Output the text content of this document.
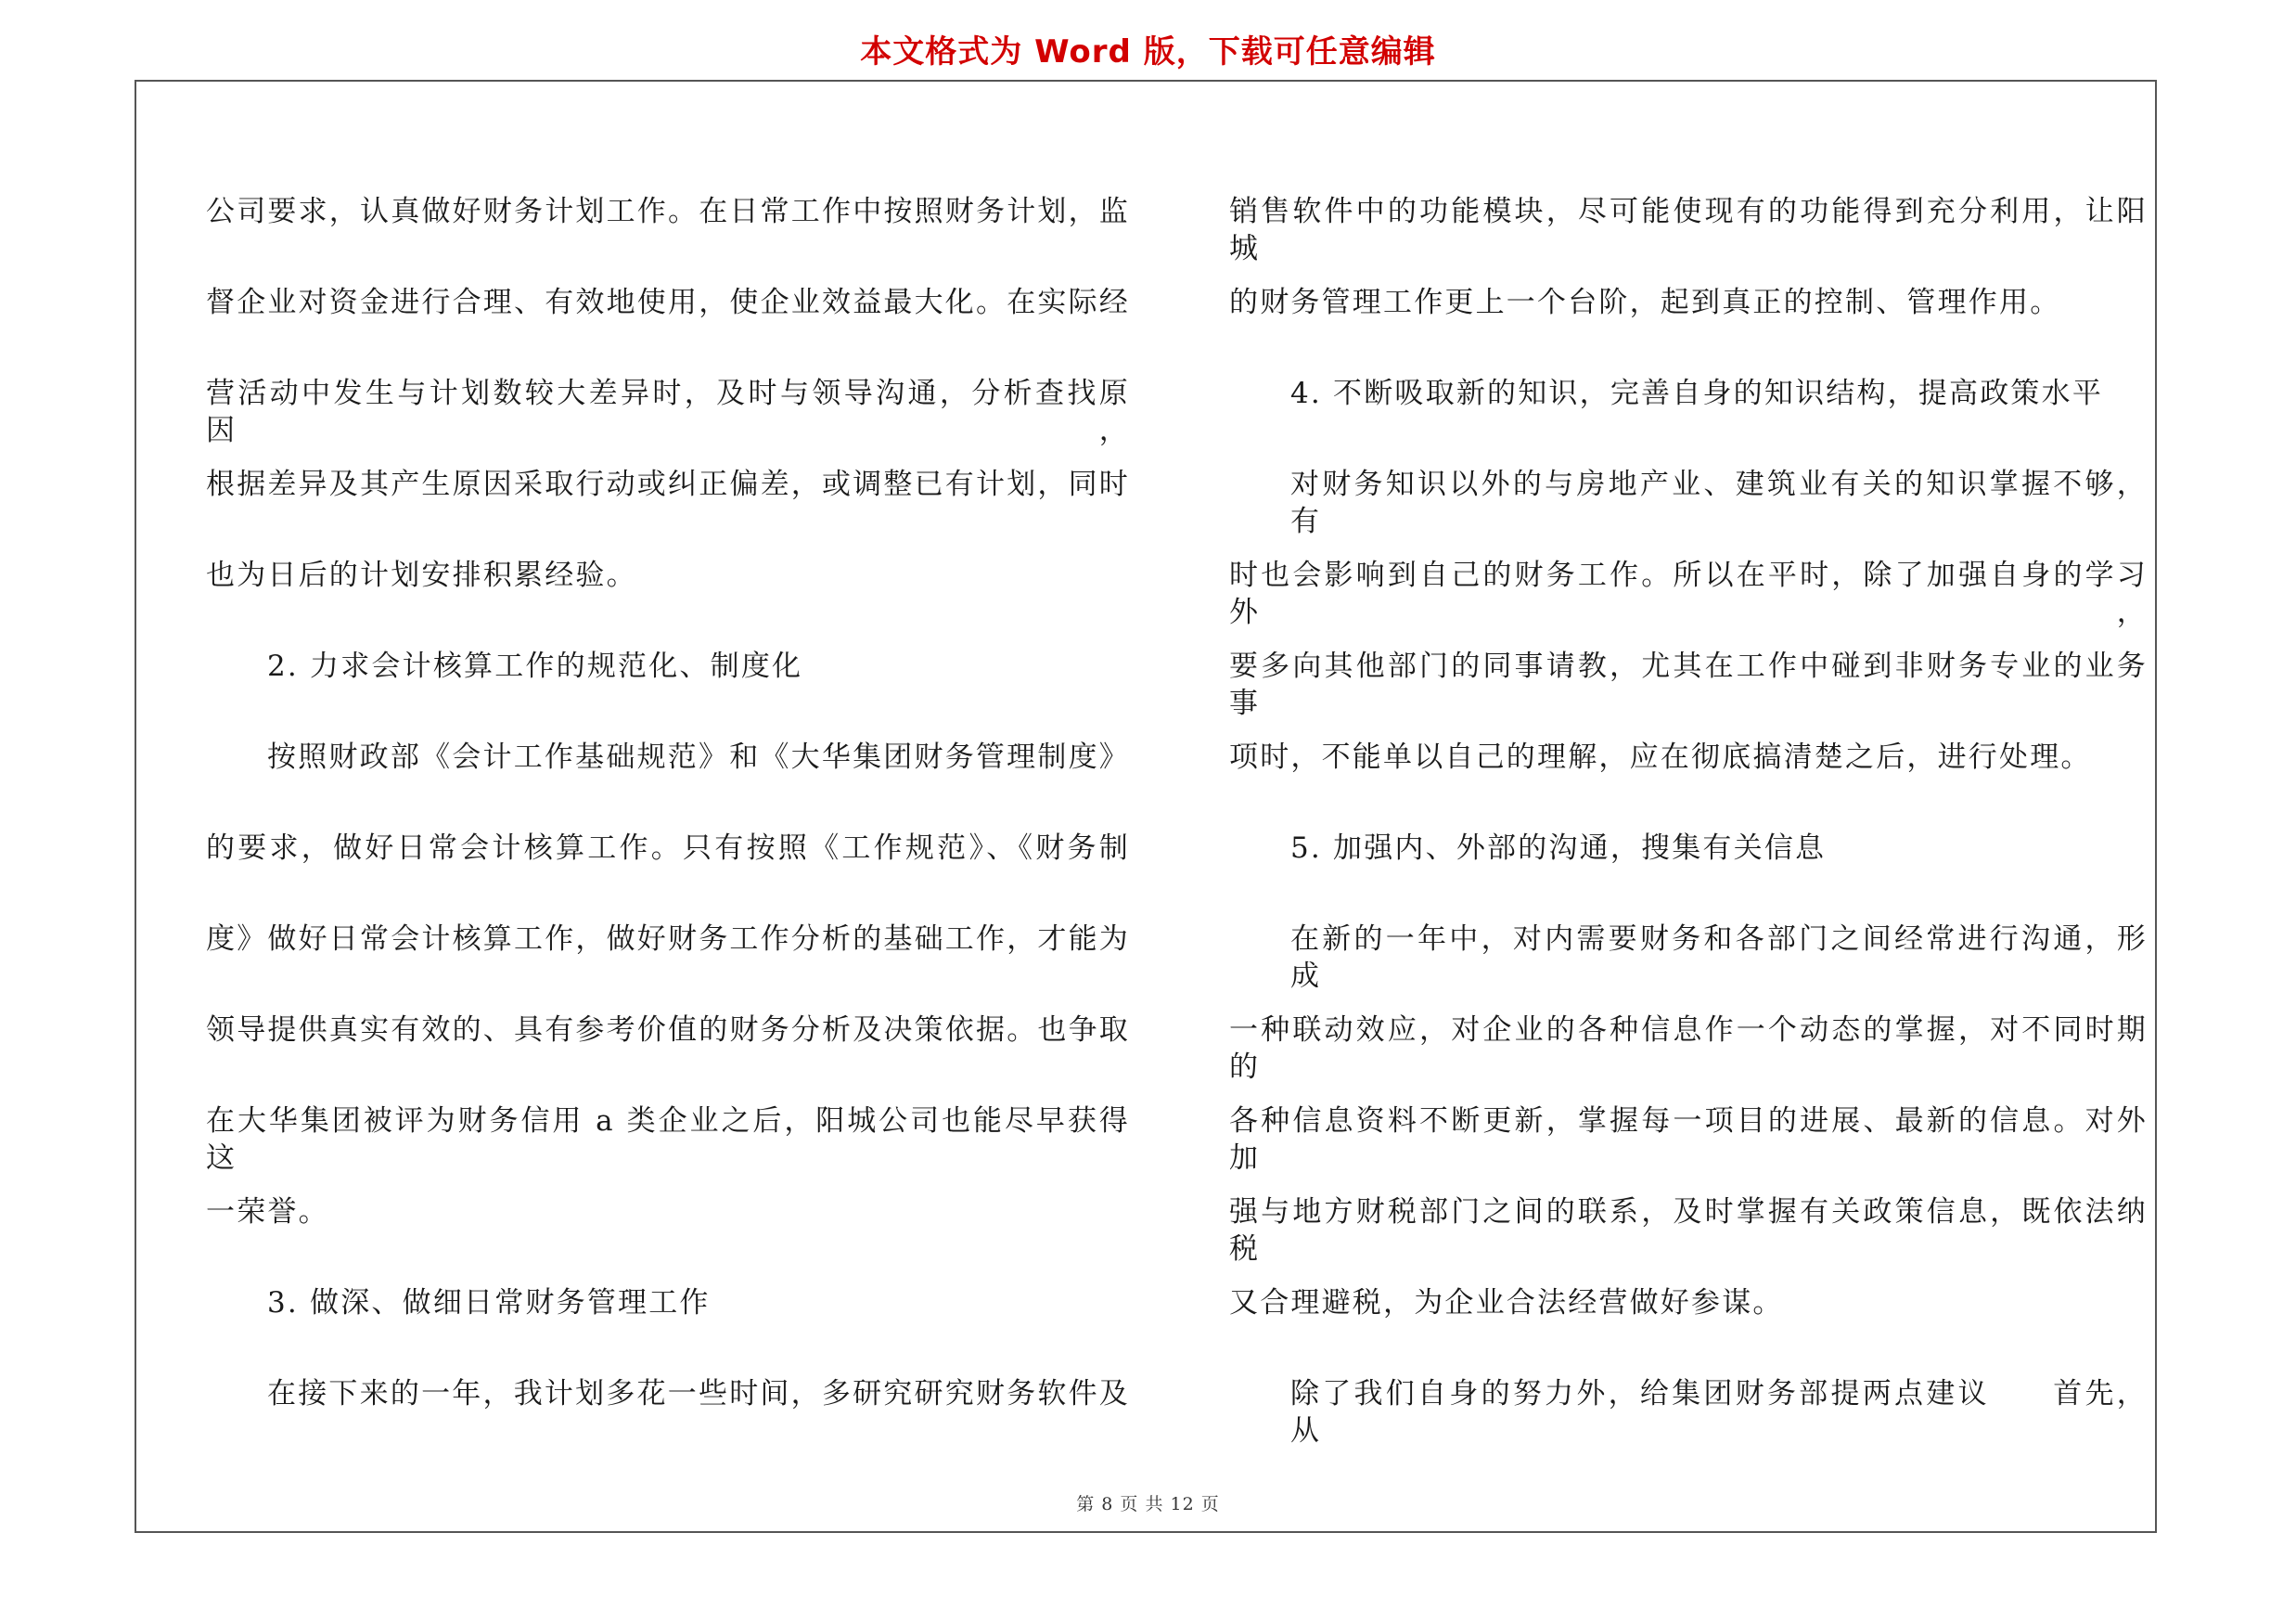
本文格式为 Word 版，下载可任意编辑
公司要求，认真做好财务计划工作。在日常工作中按照财务计划，监
督企业对资金进行合理、有效地使用，使企业效益最大化。在实际经
营活动中发生与计划数较大差异时，及时与领导沟通，分析查找原因，
根据差异及其产生原因采取行动或纠正偏差，或调整已有计划，同时
也为日后的计划安排积累经验。
2. 力求会计核算工作的规范化、制度化
按照财政部《会计工作基础规范》和《大华集团财务管理制度》
的要求，做好日常会计核算工作。只有按照《工作规范》、《财务制
度》做好日常会计核算工作，做好财务工作分析的基础工作，才能为
领导提供真实有效的、具有参考价值的财务分析及决策依据。也争取
在大华集团被评为财务信用 a 类企业之后，阳城公司也能尽早获得这
一荣誉。
3. 做深、做细日常财务管理工作
在接下来的一年，我计划多花一些时间，多研究研究财务软件及
销售软件中的功能模块，尽可能使现有的功能得到充分利用，让阳城
的财务管理工作更上一个台阶，起到真正的控制、管理作用。
4. 不断吸取新的知识，完善自身的知识结构，提高政策水平
对财务知识以外的与房地产业、建筑业有关的知识掌握不够，有
时也会影响到自己的财务工作。所以在平时，除了加强自身的学习外，
要多向其他部门的同事请教，尤其在工作中碰到非财务专业的业务事
项时，不能单以自己的理解，应在彻底搞清楚之后，进行处理。
5. 加强内、外部的沟通，搜集有关信息
在新的一年中，对内需要财务和各部门之间经常进行沟通，形成
一种联动效应，对企业的各种信息作一个动态的掌握，对不同时期的
各种信息资料不断更新，掌握每一项目的进展、最新的信息。对外加
强与地方财税部门之间的联系，及时掌握有关政策信息，既依法纳税
又合理避税，为企业合法经营做好参谋。
除了我们自身的努力外，给集团财务部提两点建议　　首先，从
第 8 页 共 12 页
